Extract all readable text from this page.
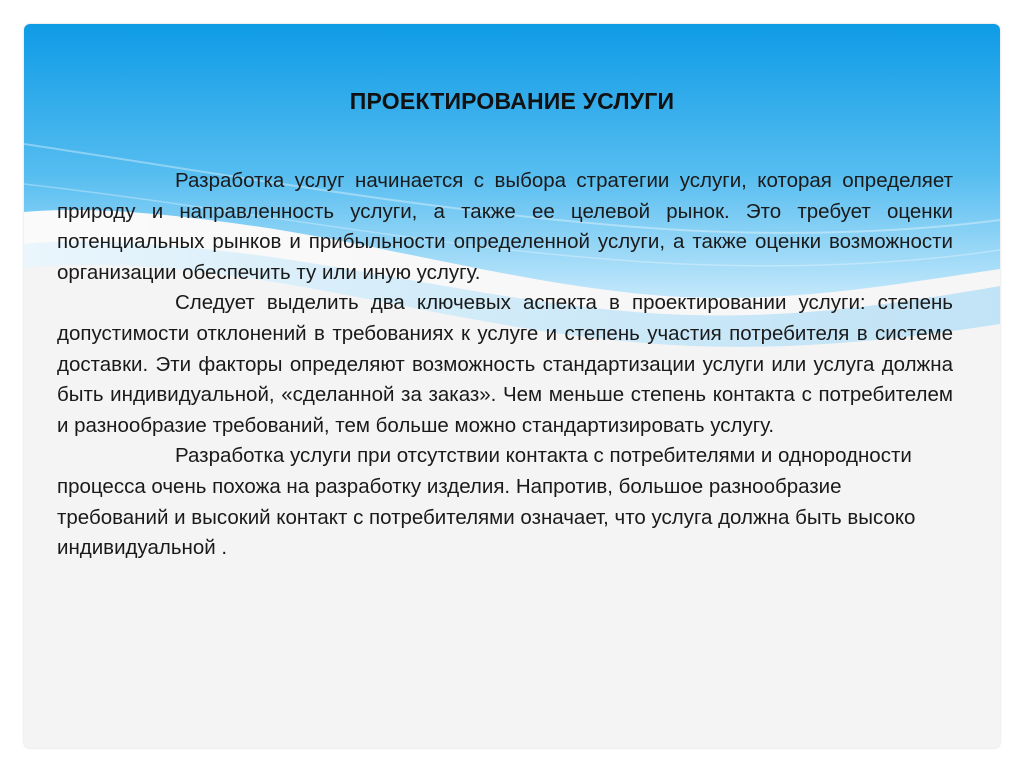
ПРОЕКТИРОВАНИЕ УСЛУГИ

Разработка услуг начинается с выбора стратегии услуги, которая определяет природу и направленность услуги, а также ее целевой рынок. Это требует оценки потенциальных рынков и прибыльности определенной услуги, а также оценки возможности организации обеспечить ту или иную услугу.

Следует выделить два ключевых аспекта в проектировании услуги: степень допустимости отклонений в требованиях к услуге и степень участия потребителя в системе доставки. Эти факторы определяют возможность стандартизации услуги или услуга должна быть индивидуальной, «сделанной за заказ». Чем меньше степень контакта с потребителем и разнообразие требований, тем больше можно стандартизировать услугу.

Разработка услуги при отсутствии контакта с потребителями и однородности процесса очень похожа на разработку изделия. Напротив, большое разнообразие требований и высокий контакт с потребителями означает, что услуга должна быть высоко индивидуальной .
